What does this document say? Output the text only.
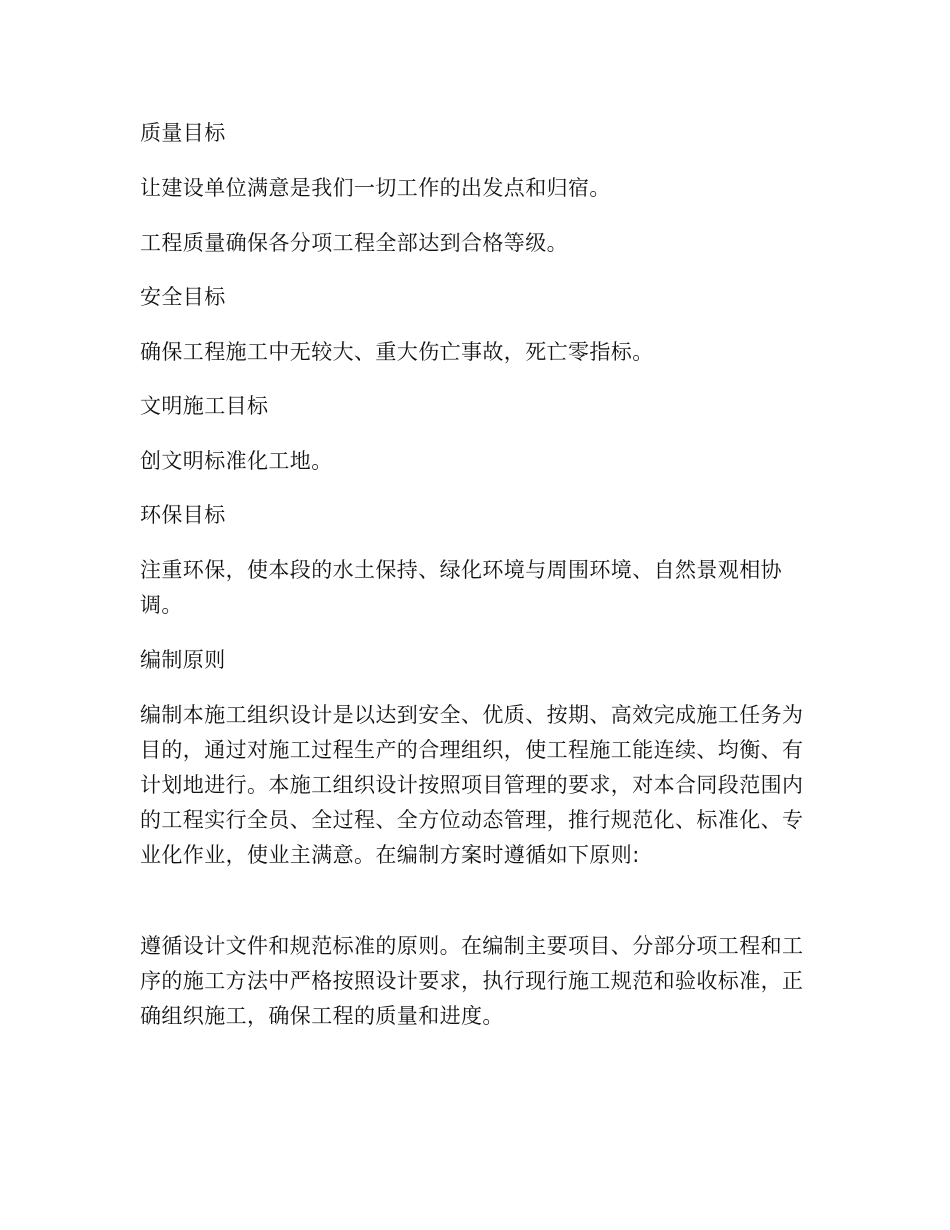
质量目标

让建设单位满意是我们一切工作的出发点和归宿。

工程质量确保各分项工程全部达到合格等级。

安全目标

确保工程施工中无较大、重大伤亡事故，死亡零指标。

文明施工目标

创文明标准化工地。

环保目标

注重环保，使本段的水土保持、绿化环境与周围环境、自然景观相协调。

编制原则

编制本施工组织设计是以达到安全、优质、按期、高效完成施工任务为目的，通过对施工过程生产的合理组织，使工程施工能连续、均衡、有计划地进行。本施工组织设计按照项目管理的要求，对本合同段范围内的工程实行全员、全过程、全方位动态管理，推行规范化、标准化、专业化作业，使业主满意。在编制方案时遵循如下原则:

遵循设计文件和规范标准的原则。在编制主要项目、分部分项工程和工序的施工方法中严格按照设计要求，执行现行施工规范和验收标准，正确组织施工，确保工程的质量和进度。
